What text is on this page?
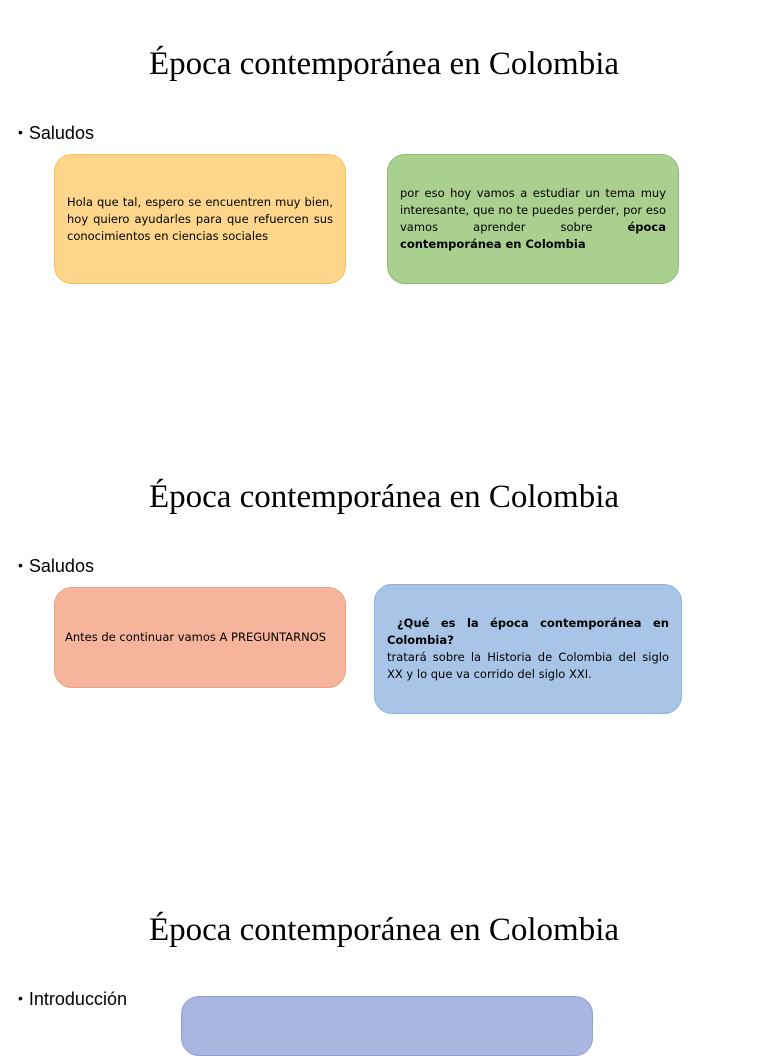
Época contemporánea en Colombia
• Saludos
Hola que tal, espero se encuentren muy bien, hoy quiero ayudarles para que refuercen sus conocimientos en ciencias sociales
por eso hoy vamos a estudiar un tema muy interesante, que no te puedes perder, por eso vamos aprender sobre	época contemporánea en Colombia
Época contemporánea en Colombia
• Saludos
Antes de continuar vamos A PREGUNTARNOS
¿Qué es la época contemporánea en Colombia?
tratará sobre la Historia de Colombia del siglo XX y lo que va corrido del siglo XXI.
Época contemporánea en Colombia
• Introducción
